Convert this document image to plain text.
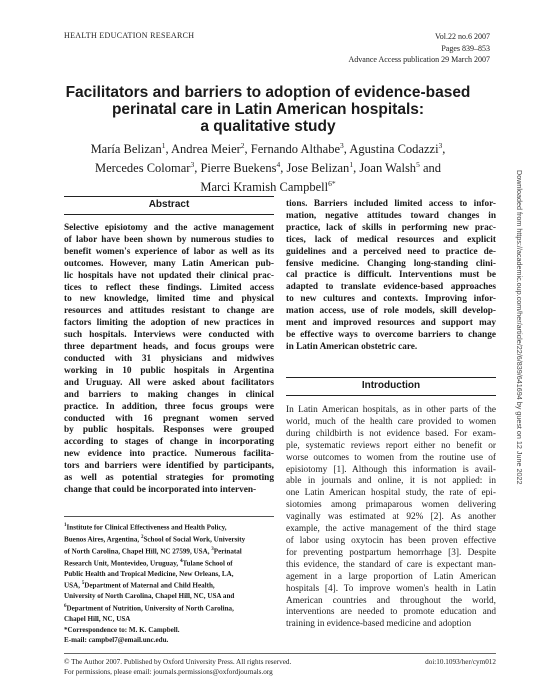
HEALTH EDUCATION RESEARCH	Vol.22 no.6 2007
Pages 839–853
Advance Access publication 29 March 2007
Facilitators and barriers to adoption of evidence-based
perinatal care in Latin American hospitals:
a qualitative study
María Belizan$^1$, Andrea Meier$^2$, Fernando Althabe$^3$, Agustina Codazzi$^3$,
Mercedes Colomar$^3$, Pierre Buekens$^4$, Jose Belizan$^1$, Joan Walsh$^5$ and
Marci Kramish Campbell$^{6*}$	Downloaded from https://academic.oup.com/her/article/22/6/839/641694 by guest on 12 June 2022
Abstract
Selective episiotomy and the active management
of labor have been shown by numerous studies to
benefit women's experience of labor as well as its
outcomes. However, many Latin American pub-
lic hospitals have not updated their clinical prac-
tices to reflect these findings. Limited access
to new knowledge, limited time and physical
resources and attitudes resistant to change are
factors limiting the adoption of new practices in
such hospitals. Interviews were conducted with
three department heads, and focus groups were
conducted with 31 physicians and midwives
working in 10 public hospitals in Argentina
and Uruguay. All were asked about facilitators
and barriers to making changes in clinical
practice. In addition, three focus groups were
conducted with 16 pregnant women served
by public hospitals. Responses were grouped
according to stages of change in incorporating
new evidence into practice. Numerous facilita-
tors and barriers were identified by participants,
as well as potential strategies for promoting
change that could be incorporated into interven-
tions. Barriers included limited access to infor-
mation, negative attitudes toward changes in
practice, lack of skills in performing new prac-
tices, lack of medical resources and explicit
guidelines and a perceived need to practice de-
fensive medicine. Changing long-standing clini-
cal practice is difficult. Interventions must be
adapted to translate evidence-based approaches
to new cultures and contexts. Improving infor-
mation access, use of role models, skill develop-
ment and improved resources and support may
be effective ways to overcome barriers to change
in Latin American obstetric care.
Introduction
In Latin American hospitals, as in other parts of the
world, much of the health care provided to women
during childbirth is not evidence based. For exam-
ple, systematic reviews report either no benefit or
worse outcomes to women from the routine use of
episiotomy [1]. Although this information is avail-
able in journals and online, it is not applied: in
one Latin American hospital study, the rate of epi-
siotomies among primaparous women delivering
vaginally was estimated at 92% [2]. As another
example, the active management of the third stage
of labor using oxytocin has been proven effective
for preventing postpartum hemorrhage [3]. Despite
this evidence, the standard of care is expectant man-
agement in a large proportion of Latin American
hospitals [4]. To improve women's health in Latin
American countries and throughout the world,
interventions are needed to promote education and
training in evidence-based medicine and adoption
$^1$Institute for Clinical Effectiveness and Health Policy,
Buenos Aires, Argentina, $^2$School of Social Work, University
of North Carolina, Chapel Hill, NC 27599, USA, $^3$Perinatal
Research Unit, Montevideo, Uruguay, $^4$Tulane School of
Public Health and Tropical Medicine, New Orleans, LA,
USA, $^5$Department of Maternal and Child Health,
University of North Carolina, Chapel Hill, NC, USA and
$^6$Department of Nutrition, University of North Carolina,
Chapel Hill, NC, USA
*Correspondence to: M. K. Campbell.
E-mail: campbel7@email.unc.edu.
© The Author 2007. Published by Oxford University Press. All rights reserved.
For permissions, please email: journals.permissions@oxfordjournals.org
doi:10.1093/her/cym012
